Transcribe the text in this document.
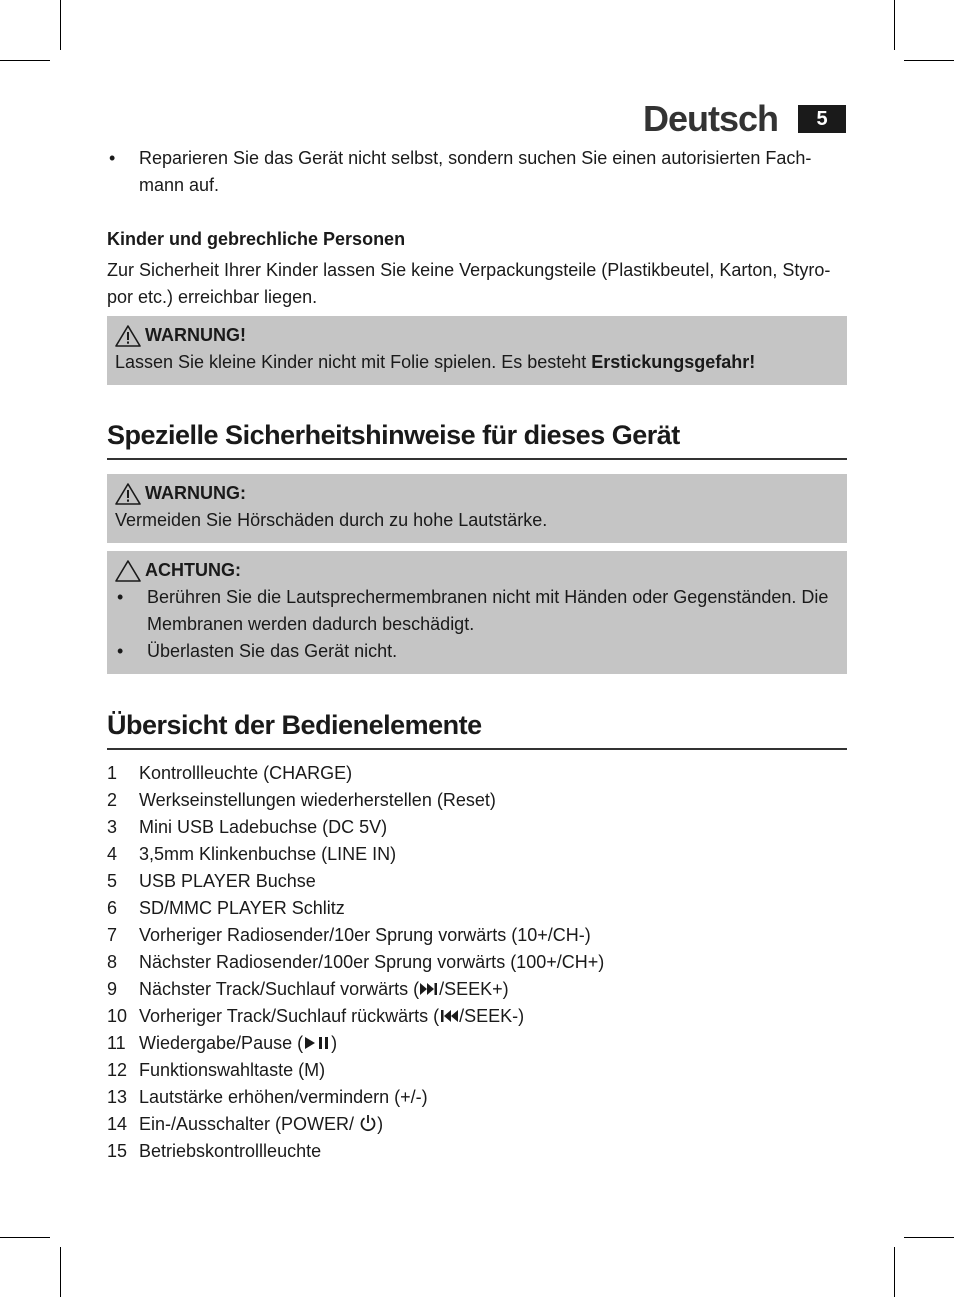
Deutsch	5
• Reparieren Sie das Gerät nicht selbst, sondern suchen Sie einen autorisierten Fach-mann auf.
Kinder und gebrechliche Personen
Zur Sicherheit Ihrer Kinder lassen Sie keine Verpackungsteile (Plastikbeutel, Karton, Styro-por etc.) erreichbar liegen.
WARNUNG!
Lassen Sie kleine Kinder nicht mit Folie spielen. Es besteht Erstickungsgefahr!
Spezielle Sicherheitshinweise für dieses Gerät
WARNUNG:
Vermeiden Sie Hörschäden durch zu hohe Lautstärke.
ACHTUNG:
• Berühren Sie die Lautsprechermembranen nicht mit Händen oder Gegenständen. Die Membranen werden dadurch beschädigt.
• Überlasten Sie das Gerät nicht.
Übersicht der Bedienelemente
1	Kontrollleuchte (CHARGE)
2	Werkseinstellungen wiederherstellen (Reset)
3	Mini USB Ladebuchse (DC 5V)
4	3,5mm Klinkenbuchse (LINE IN)
5	USB PLAYER Buchse
6	SD/MMC PLAYER Schlitz
7	Vorheriger Radiosender/10er Sprung vorwärts (10+/CH-)
8	Nächster Radiosender/100er Sprung vorwärts (100+/CH+)
9	Nächster Track/Suchlauf vorwärts ( /SEEK+)
10 Vorheriger Track/Suchlauf rückwärts ( /SEEK-)
11 Wiedergabe/Pause ( )
12 Funktionswahltaste (M)
13 Lautstärke erhöhen/vermindern (+/-)
14 Ein-/Ausschalter (POWER/ )
15 Betriebskontrollleuchte
